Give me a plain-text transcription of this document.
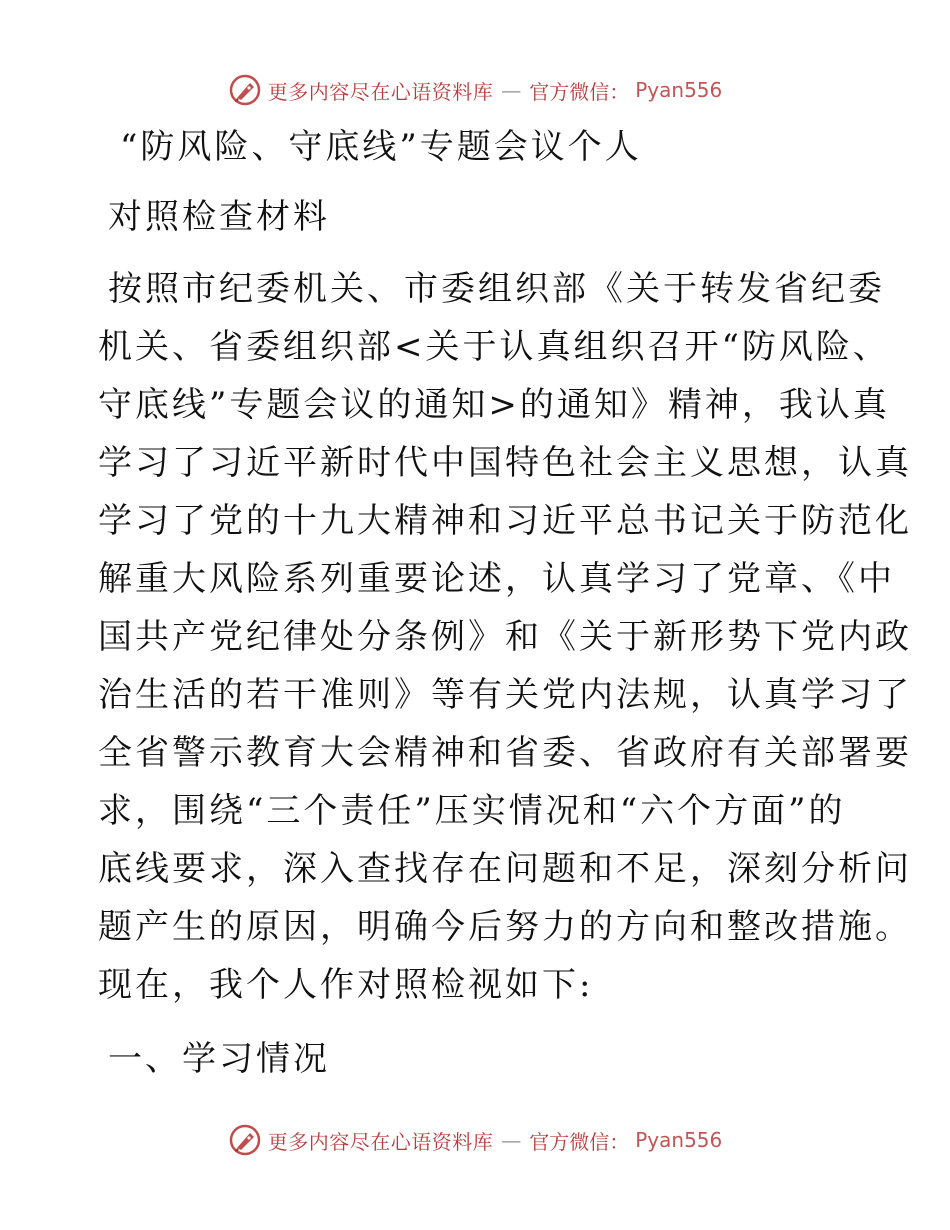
更多内容尽在心语资料库 — 官方微信： Pyan556
“防风险、守底线”专题会议个人
对照检查材料
按照市纪委机关、市委组织部《关于转发省纪委
机关、省委组织部<关于认真组织召开“防风险、
守底线”专题会议的通知>的通知》精神，我认真
学习了习近平新时代中国特色社会主义思想，认真
学习了党的十九大精神和习近平总书记关于防范化
解重大风险系列重要论述，认真学习了党章、《中
国共产党纪律处分条例》和《关于新形势下党内政
治生活的若干准则》等有关党内法规，认真学习了
全省警示教育大会精神和省委、省政府有关部署要
求，围绕“三个责任”压实情况和“六个方面”的
底线要求，深入查找存在问题和不足，深刻分析问
题产生的原因，明确今后努力的方向和整改措施。
现在，我个人作对照检视如下:
一、学习情况
更多内容尽在心语资料库 — 官方微信： Pyan556
